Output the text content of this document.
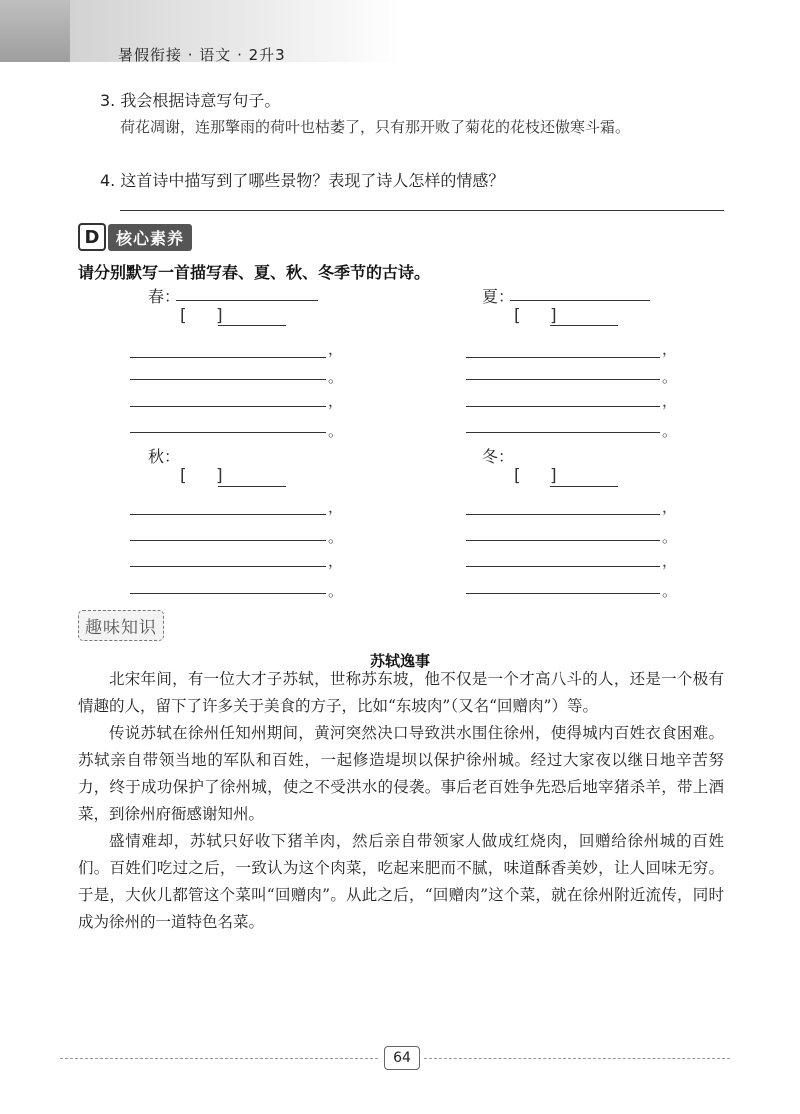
暑假衔接 · 语文 · 2升3
3. 我会根据诗意写句子。
荷花凋谢，连那擎雨的荷叶也枯萎了，只有那开败了菊花的花枝还傲寒斗霜。
4. 这首诗中描写到了哪些景物？表现了诗人怎样的情感？
D	核心素养
请分别默写一首描写春、夏、秋、冬季节的古诗。
春：
[ ]
，
。
，
。
夏：
[ ]
，
。
，
。
秋：
[ ]
，
。
，
。
冬：
[ ]
，
。
，
。
趣味知识
苏轼逸事
北宋年间，有一位大才子苏轼，世称苏东坡，他不仅是一个才高八斗的人，还是一个极有情趣的人，留下了许多关于美食的方子，比如“东坡肉”（又名“回赠肉”）等。
传说苏轼在徐州任知州期间，黄河突然决口导致洪水围住徐州，使得城内百姓衣食困难。苏轼亲自带领当地的军队和百姓，一起修造堤坝以保护徐州城。经过大家夜以继日地辛苦努力，终于成功保护了徐州城，使之不受洪水的侵袭。事后老百姓争先恐后地宰猪杀羊，带上酒菜，到徐州府衙感谢知州。
盛情难却，苏轼只好收下猪羊肉，然后亲自带领家人做成红烧肉，回赠给徐州城的百姓们。百姓们吃过之后，一致认为这个肉菜，吃起来肥而不腻，味道酥香美妙，让人回味无穷。于是，大伙儿都管这个菜叫“回赠肉”。从此之后，“回赠肉”这个菜，就在徐州附近流传，同时成为徐州的一道特色名菜。
64
